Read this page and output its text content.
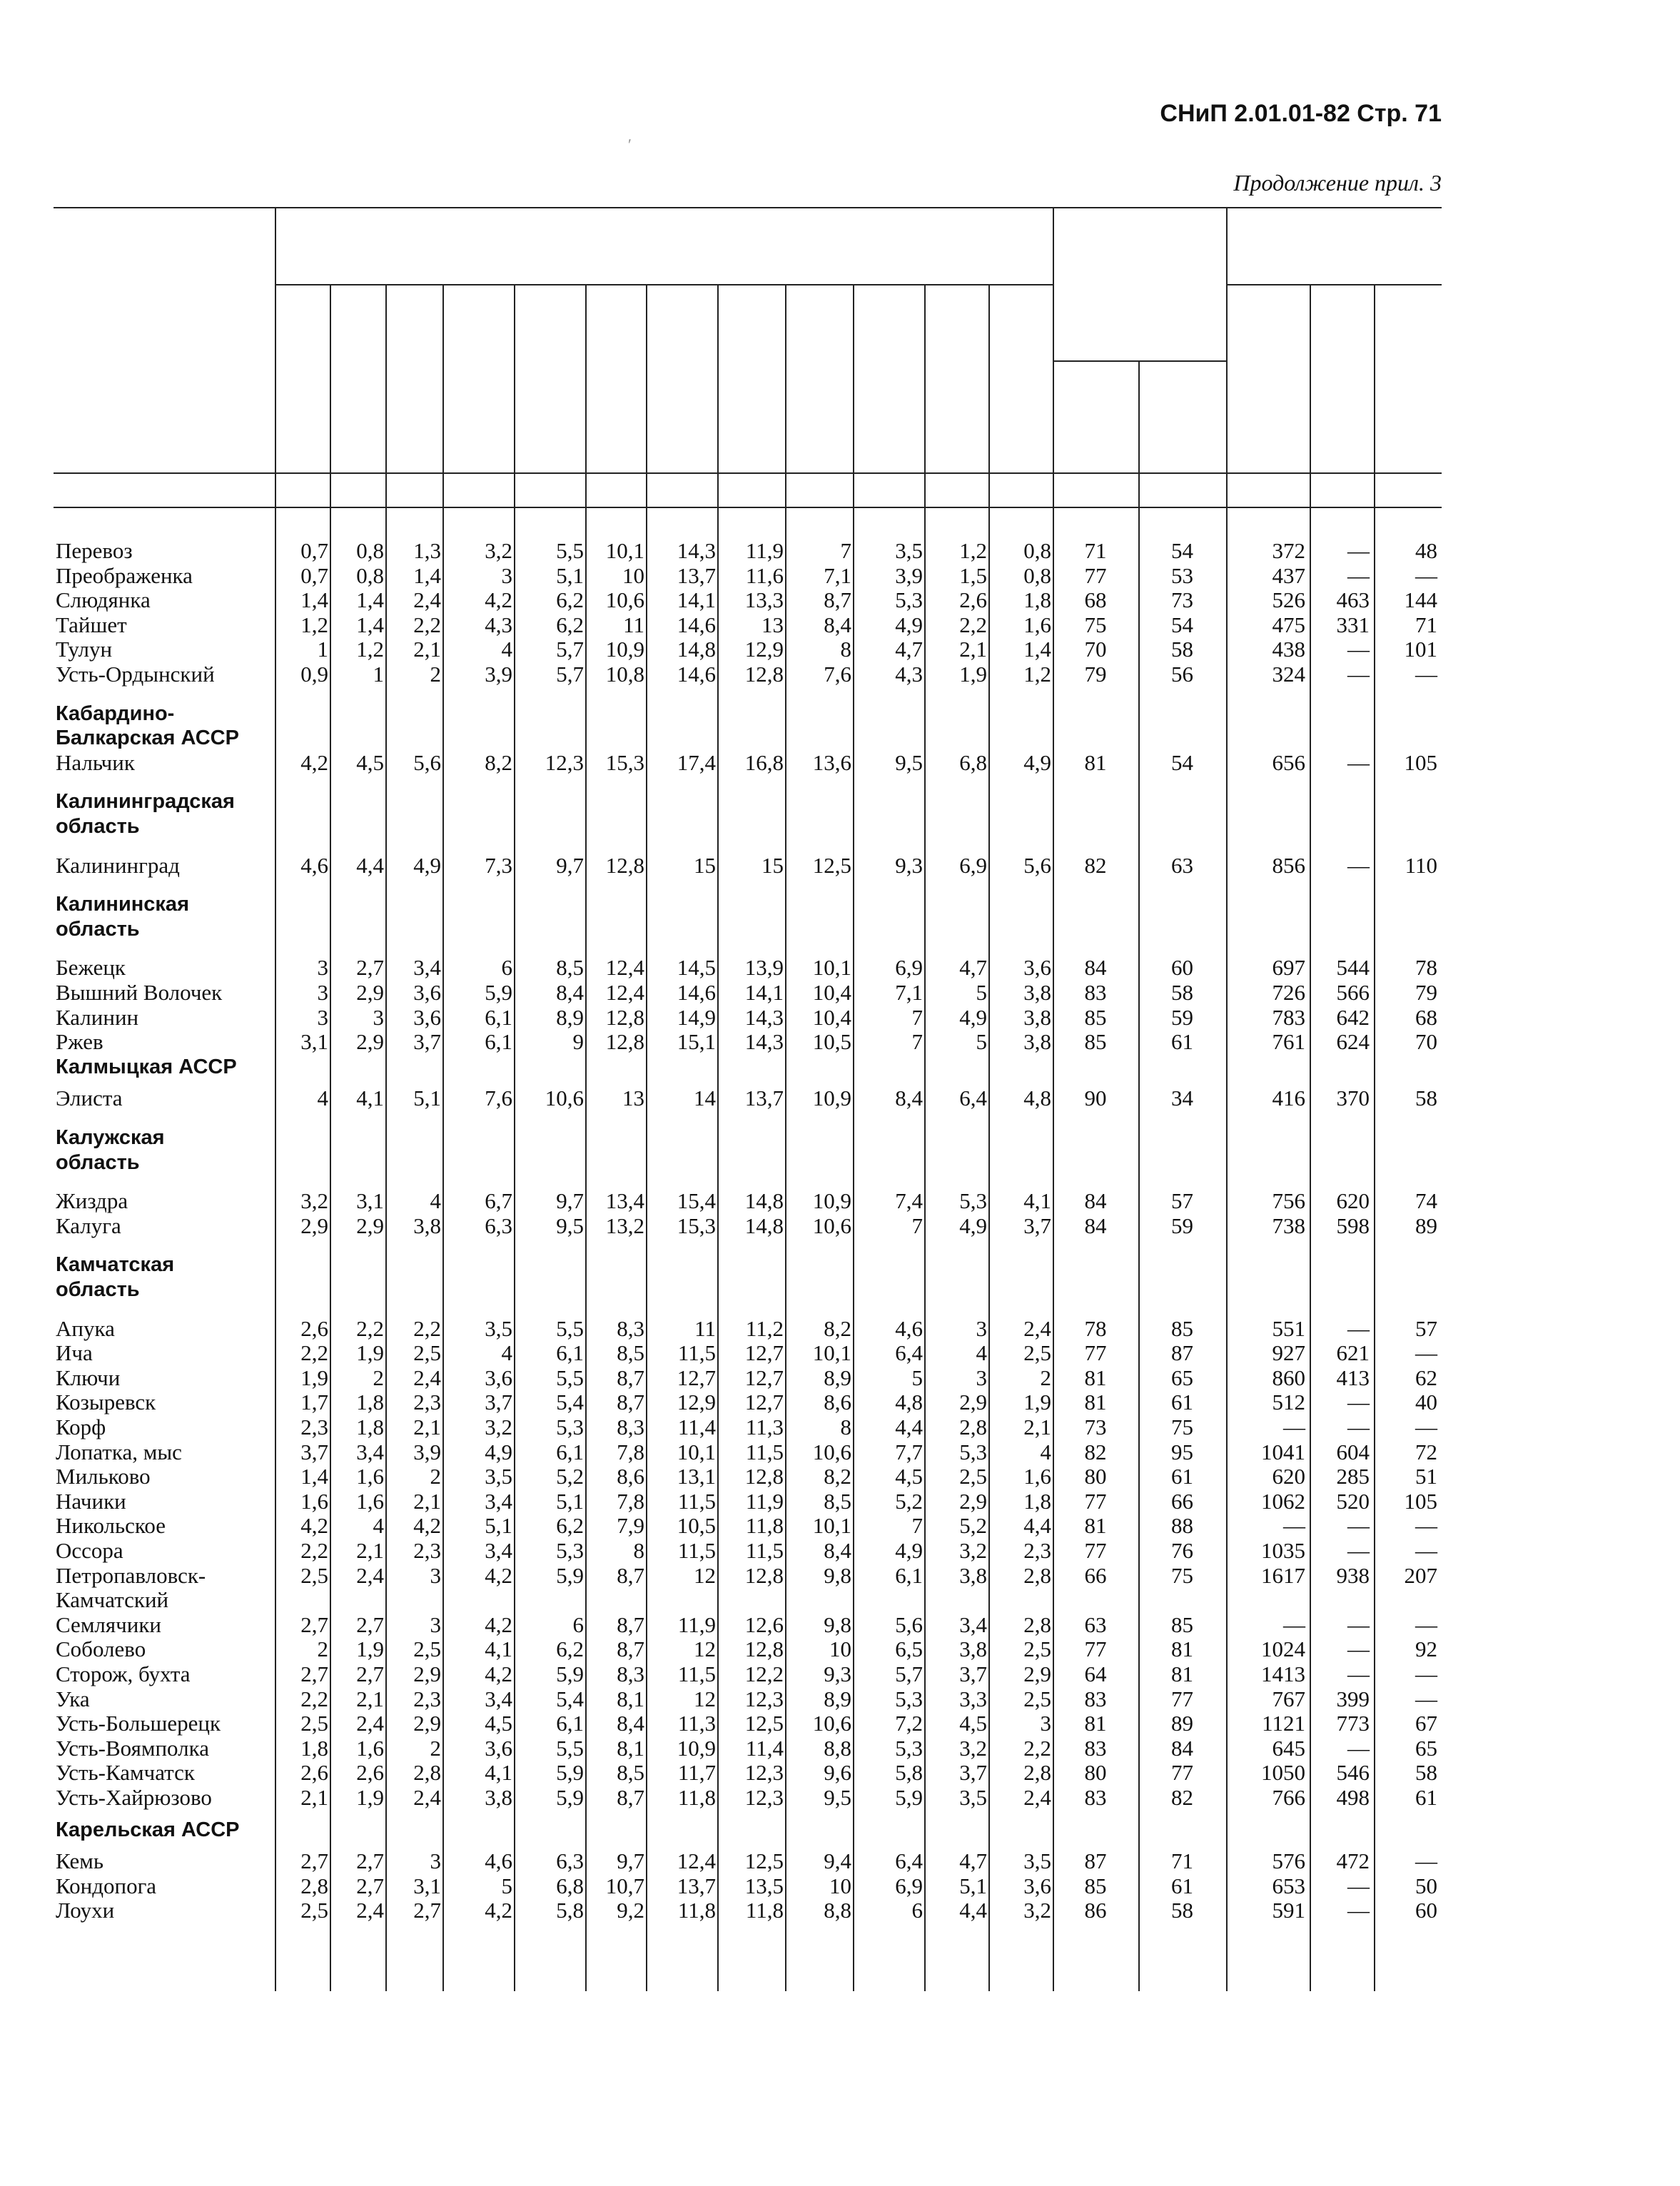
СНиП 2.01.01-82 Стр. 71
ʹ
Продолжение прил. 3
Перевоз	0,7	0,8	1,3	3,2	5,5 10,1	14,3	11,9	7	3,5	1,2	0,8	71	54	372	—	48
Преображенка	0,7	0,8	1,4	3	5,1	10	13,7	11,6	7,1	3,9	1,5	0,8	77	53	437	—	—
Слюдянка	1,4	1,4	2,4	4,2	6,2 10,6	14,1	13,3	8,7	5,3	2,6	1,8	68	73	526	463	144
Тайшет	1,2	1,4	2,2	4,3	6,2	11	14,6	13	8,4	4,9	2,2	1,6	75	54	475	331	71
Тулун	1	1,2	2,1	4	5,7 10,9	14,8	12,9	8	4,7	2,1	1,4	70	58	438	—	101
Усть-Ордынский	0,9	1	2	3,9	5,7 10,8	14,6	12,8	7,6	4,3	1,9	1,2	79	56	324	—	—
Кабардино-
Балкарская АССР
Нальчик	4,2	4,5	5,6	8,2	12,3 15,3	17,4	16,8	13,6	9,5	6,8	4,9	81	54	656	—	105
Калининградская
область
Калининград	4,6	4,4	4,9	7,3	9,7 12,8	15	15	12,5	9,3	6,9	5,6	82	63	856	—	110
Калининская
область
Бежецк	3	2,7	3,4	6	8,5 12,4	14,5	13,9	10,1	6,9	4,7	3,6	84	60	697	544	78
Вышний Волочек	3	2,9	3,6	5,9	8,4 12,4	14,6	14,1	10,4	7,1	5	3,8	83	58	726	566	79
Калинин	3	3	3,6	6,1	8,9 12,8	14,9	14,3	10,4	7	4,9	3,8	85	59	783	642	68
Ржев	3,1	2,9	3,7	6,1	9 12,8	15,1	14,3	10,5	7	5	3,8	85	61	761	624	70
Калмыцкая АССР
Элиста	4	4,1	5,1	7,6	10,6	13	14	13,7	10,9	8,4	6,4	4,8	90	34	416	370	58
Калужская
область
Жиздра	3,2	3,1	4	6,7	9,7 13,4	15,4	14,8	10,9	7,4	5,3	4,1	84	57	756	620	74
Калуга	2,9	2,9	3,8	6,3	9,5 13,2	15,3	14,8	10,6	7	4,9	3,7	84	59	738	598	89
Камчатская
область
Апука	2,6	2,2	2,2	3,5	5,5	8,3	11	11,2	8,2	4,6	3	2,4	78	85	551	—	57
Ича	2,2	1,9	2,5	4	6,1	8,5	11,5	12,7	10,1	6,4	4	2,5	77	87	927	621	—
Ключи	1,9	2	2,4	3,6	5,5	8,7	12,7	12,7	8,9	5	3	2	81	65	860	413	62
Козыревск	1,7	1,8	2,3	3,7	5,4	8,7	12,9	12,7	8,6	4,8	2,9	1,9	81	61	512	—	40
Корф	2,3	1,8	2,1	3,2	5,3	8,3	11,4	11,3	8	4,4	2,8	2,1	73	75	—	—	—
Лопатка, мыс	3,7	3,4	3,9	4,9	6,1	7,8	10,1	11,5	10,6	7,7	5,3	4	82	95	1041	604	72
Мильково	1,4	1,6	2	3,5	5,2	8,6	13,1	12,8	8,2	4,5	2,5	1,6	80	61	620	285	51
Начики	1,6	1,6	2,1	3,4	5,1	7,8	11,5	11,9	8,5	5,2	2,9	1,8	77	66	1062	520	105
Никольское	4,2	4	4,2	5,1	6,2	7,9	10,5	11,8	10,1	7	5,2	4,4	81	88	—	—	—
Оссора	2,2	2,1	2,3	3,4	5,3	8	11,5	11,5	8,4	4,9	3,2	2,3	77	76	1035	—	—
Петропавловск-	2,5	2,4	3	4,2	5,9	8,7	12	12,8	9,8	6,1	3,8	2,8	66	75	1617	938	207
Камчатский
Семлячики	2,7	2,7	3	4,2	6	8,7	11,9	12,6	9,8	5,6	3,4	2,8	63	85	—	—	—
Соболево	2	1,9	2,5	4,1	6,2	8,7	12	12,8	10	6,5	3,8	2,5	77	81	1024	—	92
Сторож, бухта	2,7	2,7	2,9	4,2	5,9	8,3	11,5	12,2	9,3	5,7	3,7	2,9	64	81	1413	—	—
Ука	2,2	2,1	2,3	3,4	5,4	8,1	12	12,3	8,9	5,3	3,3	2,5	83	77	767	399	—
Усть-Большерецк	2,5	2,4	2,9	4,5	6,1	8,4	11,3	12,5	10,6	7,2	4,5	3	81	89	1121	773	67
Усть-Воямполка	1,8	1,6	2	3,6	5,5	8,1	10,9	11,4	8,8	5,3	3,2	2,2	83	84	645	—	65
Усть-Камчатск	2,6	2,6	2,8	4,1	5,9	8,5	11,7	12,3	9,6	5,8	3,7	2,8	80	77	1050	546	58
Усть-Хайрюзово	2,1	1,9	2,4	3,8	5,9	8,7	11,8	12,3	9,5	5,9	3,5	2,4	83	82	766	498	61
Карельская АССР
Кемь	2,7	2,7	3	4,6	6,3	9,7	12,4	12,5	9,4	6,4	4,7	3,5	87	71	576	472	—
Кондопога	2,8	2,7	3,1	5	6,8 10,7	13,7	13,5	10	6,9	5,1	3,6	85	61	653	—	50
Лоухи	2,5	2,4	2,7	4,2	5,8	9,2	11,8	11,8	8,8	6	4,4	3,2	86	58	591	—	60
